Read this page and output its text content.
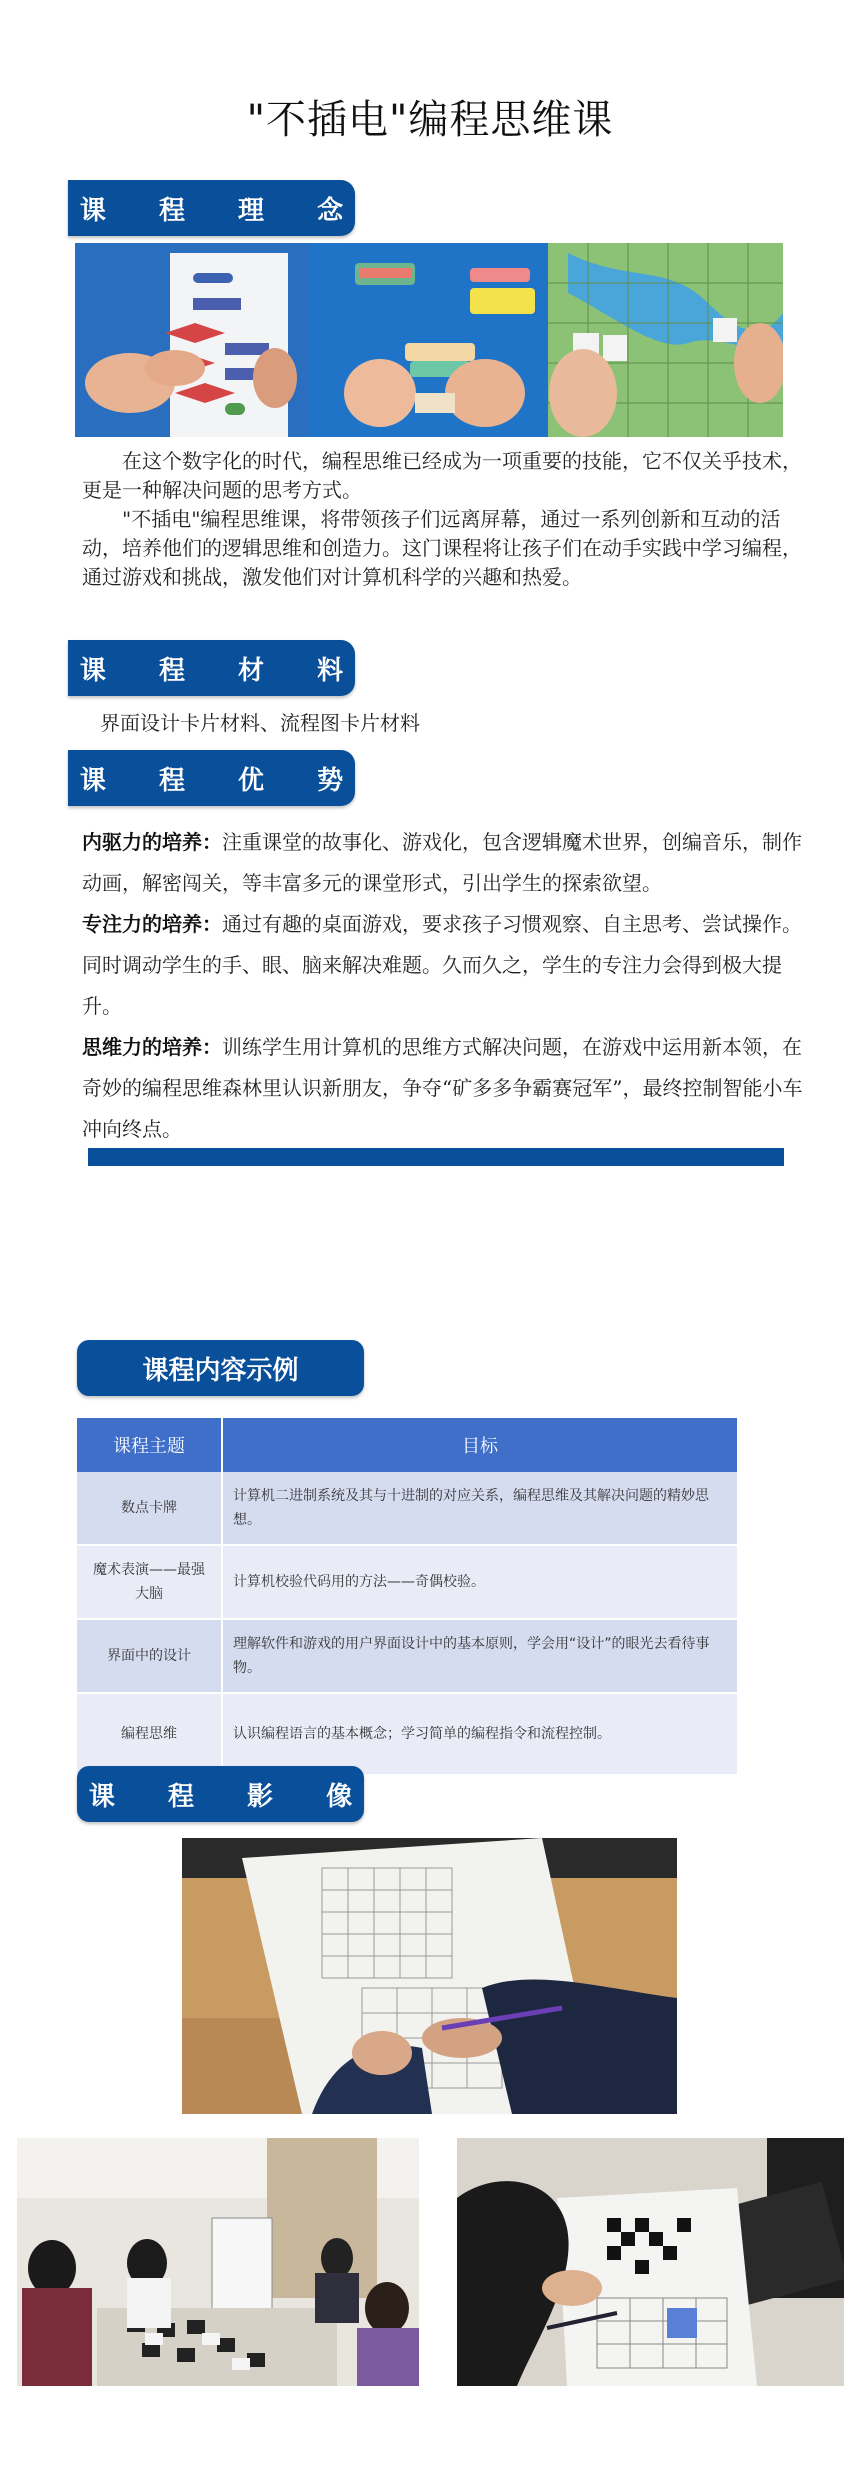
"不插电"编程思维课
课 程 理 念

在这个数字化的时代，编程思维已经成为一项重要的技能，它不仅关乎技术，更是一种解决问题的思考方式。

"不插电"编程思维课，将带领孩子们远离屏幕，通过一系列创新和互动的活动，培养他们的逻辑思维和创造力。这门课程将让孩子们在动手实践中学习编程，通过游戏和挑战，激发他们对计算机科学的兴趣和热爱。

课 程 材 料
界面设计卡片材料、流程图卡片材料
课 程 优 势
内驱力的培养：注重课堂的故事化、游戏化，包含逻辑魔术世界，创编音乐，制作动画，解密闯关，等丰富多元的课堂形式，引出学生的探索欲望。
专注力的培养：通过有趣的桌面游戏，要求孩子习惯观察、自主思考、尝试操作。同时调动学生的手、眼、脑来解决难题。久而久之，学生的专注力会得到极大提升。
思维力的培养：训练学生用计算机的思维方式解决问题，在游戏中运用新本领，在奇妙的编程思维森林里认识新朋友，争夺“矿多多争霸赛冠军”，最终控制智能小车冲向终点。
课程内容示例
课程主题	目标
数点卡牌	计算机二进制系统及其与十进制的对应关系，编程思维及其解决问题的精妙思想。
魔术表演——最强大脑	计算机校验代码用的方法——奇偶校验。
界面中的设计	理解软件和游戏的用户界面设计中的基本原则，学会用“设计”的眼光去看待事物。
编程思维	认识编程语言的基本概念；学习简单的编程指令和流程控制。
课 程 影 像
